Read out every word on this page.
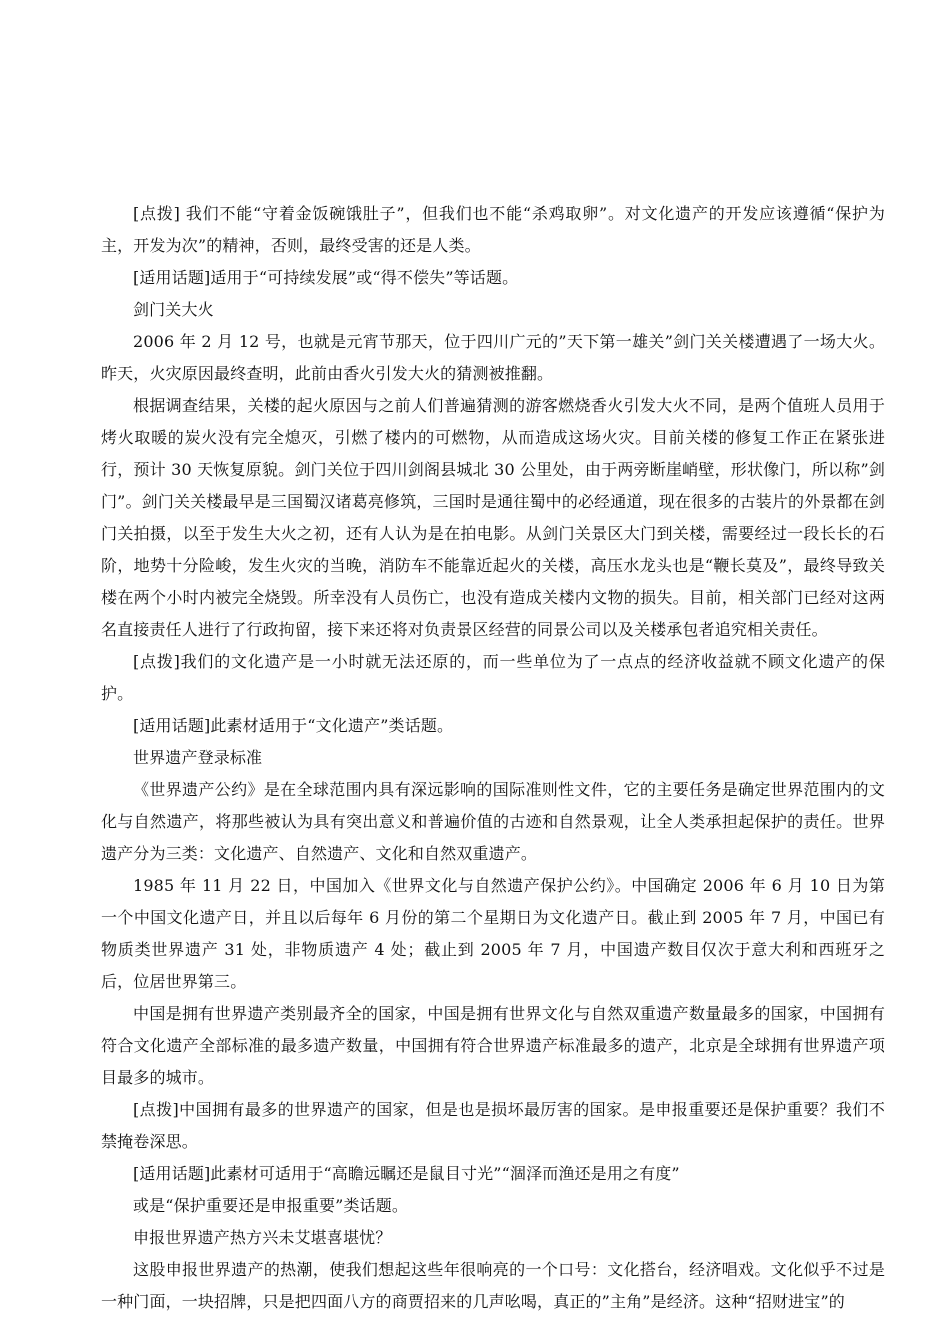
[点拨] 我们不能“守着金饭碗饿肚子”，但我们也不能“杀鸡取卵”。对文化遗产的开发应该遵循“保护为主，开发为次”的精神，否则，最终受害的还是人类。

[适用话题]适用于“可持续发展”或“得不偿失”等话题。

剑门关大火

2006 年 2 月 12 号，也就是元宵节那天，位于四川广元的”天下第一雄关”剑门关关楼遭遇了一场大火。昨天，火灾原因最终查明，此前由香火引发大火的猜测被推翻。

根据调查结果，关楼的起火原因与之前人们普遍猜测的游客燃烧香火引发大火不同，是两个值班人员用于烤火取暖的炭火没有完全熄灭，引燃了楼内的可燃物，从而造成这场火灾。目前关楼的修复工作正在紧张进行，预计 30 天恢复原貌。剑门关位于四川剑阁县城北 30 公里处，由于两旁断崖峭壁，形状像门，所以称”剑门”。剑门关关楼最早是三国蜀汉诸葛亮修筑，三国时是通往蜀中的必经通道，现在很多的古装片的外景都在剑门关拍摄，以至于发生大火之初，还有人认为是在拍电影。从剑门关景区大门到关楼，需要经过一段长长的石阶，地势十分险峻，发生火灾的当晚，消防车不能靠近起火的关楼，高压水龙头也是“鞭长莫及”，最终导致关楼在两个小时内被完全烧毁。所幸没有人员伤亡，也没有造成关楼内文物的损失。目前，相关部门已经对这两名直接责任人进行了行政拘留，接下来还将对负责景区经营的同景公司以及关楼承包者追究相关责任。

[点拨]我们的文化遗产是一小时就无法还原的，而一些单位为了一点点的经济收益就不顾文化遗产的保护。

[适用话题]此素材适用于“文化遗产”类话题。

世界遗产登录标准

《世界遗产公约》是在全球范围内具有深远影响的国际准则性文件，它的主要任务是确定世界范围内的文化与自然遗产，将那些被认为具有突出意义和普遍价值的古迹和自然景观，让全人类承担起保护的责任。世界遗产分为三类：文化遗产、自然遗产、文化和自然双重遗产。

1985 年 11 月 22 日，中国加入《世界文化与自然遗产保护公约》。中国确定 2006 年 6 月 10 日为第一个中国文化遗产日，并且以后每年 6 月份的第二个星期日为文化遗产日。截止到 2005 年 7 月，中国已有物质类世界遗产 31 处，非物质遗产 4 处；截止到 2005 年 7 月，中国遗产数目仅次于意大利和西班牙之后，位居世界第三。

中国是拥有世界遗产类别最齐全的国家，中国是拥有世界文化与自然双重遗产数量最多的国家，中国拥有符合文化遗产全部标准的最多遗产数量，中国拥有符合世界遗产标准最多的遗产，北京是全球拥有世界遗产项目最多的城市。

[点拨]中国拥有最多的世界遗产的国家，但是也是损坏最厉害的国家。是申报重要还是保护重要？我们不禁掩卷深思。

[适用话题]此素材可适用于“高瞻远瞩还是鼠目寸光”“涸泽而渔还是用之有度”

或是“保护重要还是申报重要”类话题。

申报世界遗产热方兴未艾堪喜堪忧？

这股申报世界遗产的热潮，使我们想起这些年很响亮的一个口号：文化搭台，经济唱戏。文化似乎不过是一种门面，一块招牌，只是把四面八方的商贾招来的几声吆喝，真正的”主角”是经济。这种“招财进宝”的
